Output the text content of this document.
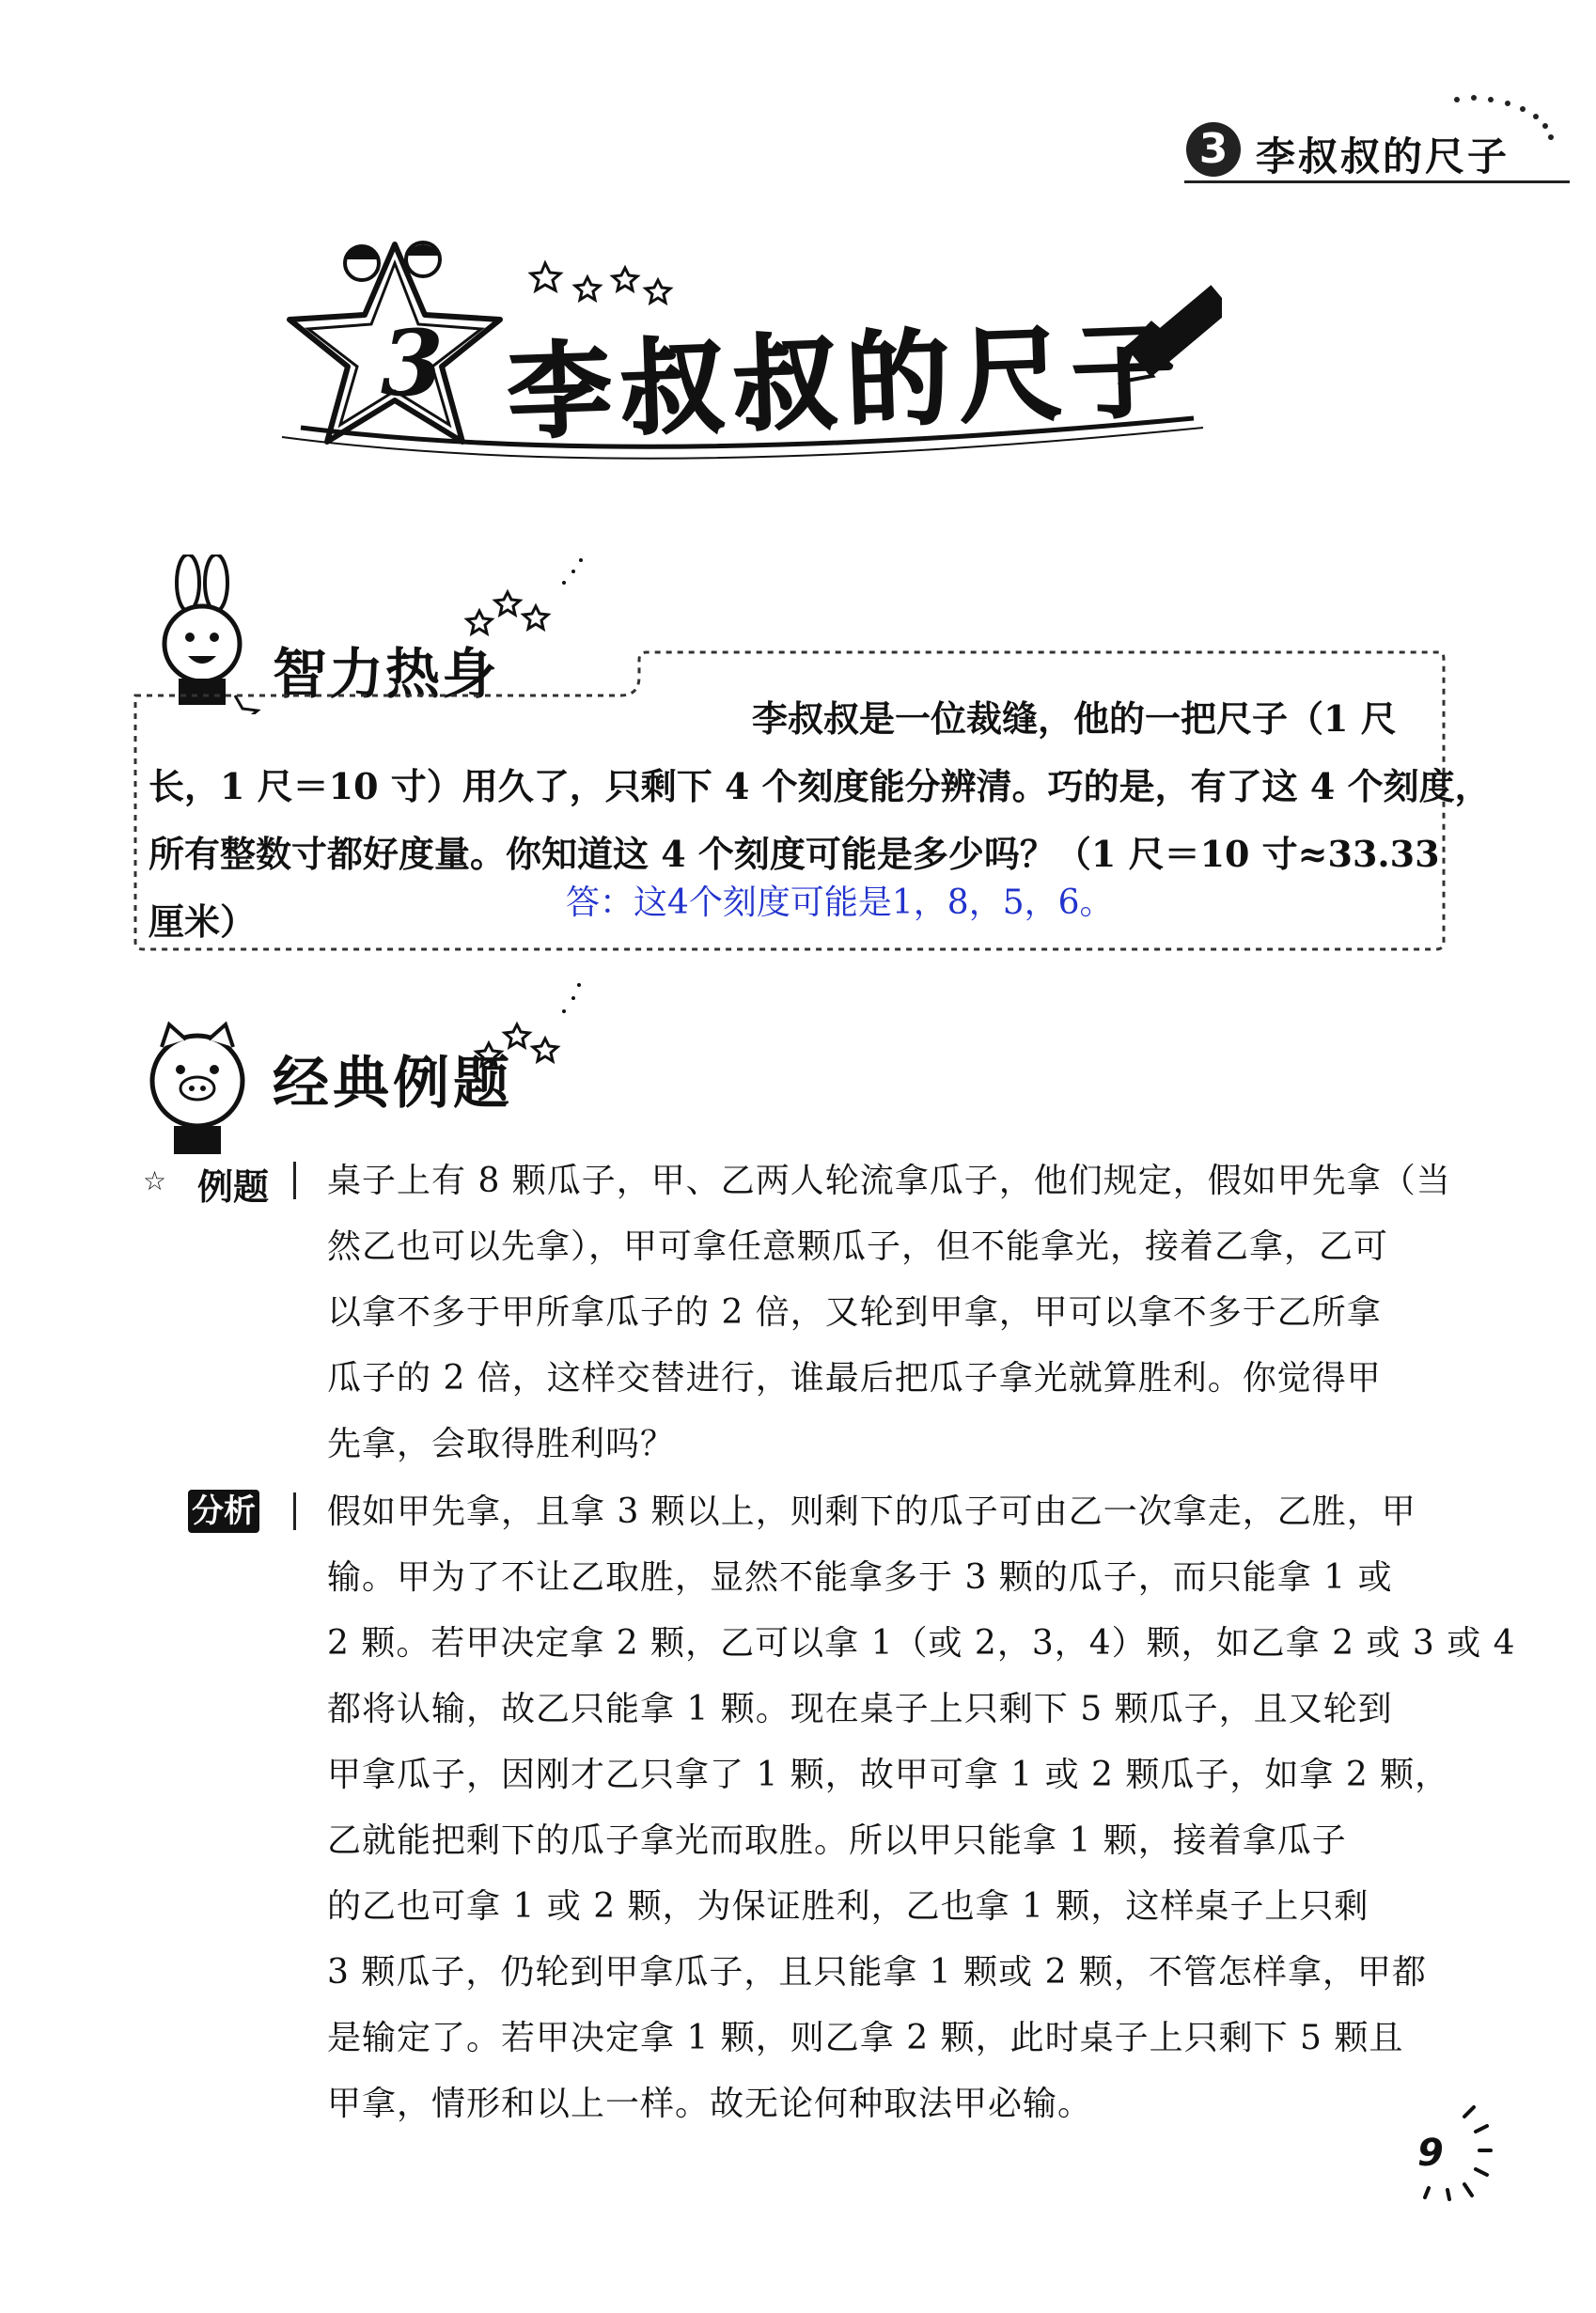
3 李叔叔的尺子
3 李叔叔的尺子
智力热身
李叔叔是一位裁缝，他的一把尺子（1 尺
长，1 尺＝10 寸）用久了，只剩下 4 个刻度能分辨清。巧的是，有了这 4 个刻度，
所有整数寸都好度量。你知道这 4 个刻度可能是多少吗？（1 尺＝10 寸≈33.33
厘米）	答：这4个刻度可能是1，8，5，6。
经典例题
☆ 例题 桌子上有 8 颗瓜子，甲、乙两人轮流拿瓜子，他们规定，假如甲先拿（当
然乙也可以先拿），甲可拿任意颗瓜子，但不能拿光，接着乙拿，乙可
以拿不多于甲所拿瓜子的 2 倍，又轮到甲拿，甲可以拿不多于乙所拿
瓜子的 2 倍，这样交替进行，谁最后把瓜子拿光就算胜利。你觉得甲
先拿，会取得胜利吗？
分析 假如甲先拿，且拿 3 颗以上，则剩下的瓜子可由乙一次拿走，乙胜，甲
输。甲为了不让乙取胜，显然不能拿多于 3 颗的瓜子，而只能拿 1 或
2 颗。若甲决定拿 2 颗，乙可以拿 1（或 2，3，4）颗，如乙拿 2 或 3 或 4
都将认输，故乙只能拿 1 颗。现在桌子上只剩下 5 颗瓜子，且又轮到
甲拿瓜子，因刚才乙只拿了 1 颗，故甲可拿 1 或 2 颗瓜子，如拿 2 颗，
乙就能把剩下的瓜子拿光而取胜。所以甲只能拿 1 颗，接着拿瓜子
的乙也可拿 1 或 2 颗，为保证胜利，乙也拿 1 颗，这样桌子上只剩
3 颗瓜子，仍轮到甲拿瓜子，且只能拿 1 颗或 2 颗，不管怎样拿，甲都
是输定了。若甲决定拿 1 颗，则乙拿 2 颗，此时桌子上只剩下 5 颗且
甲拿，情形和以上一样。故无论何种取法甲必输。
9
